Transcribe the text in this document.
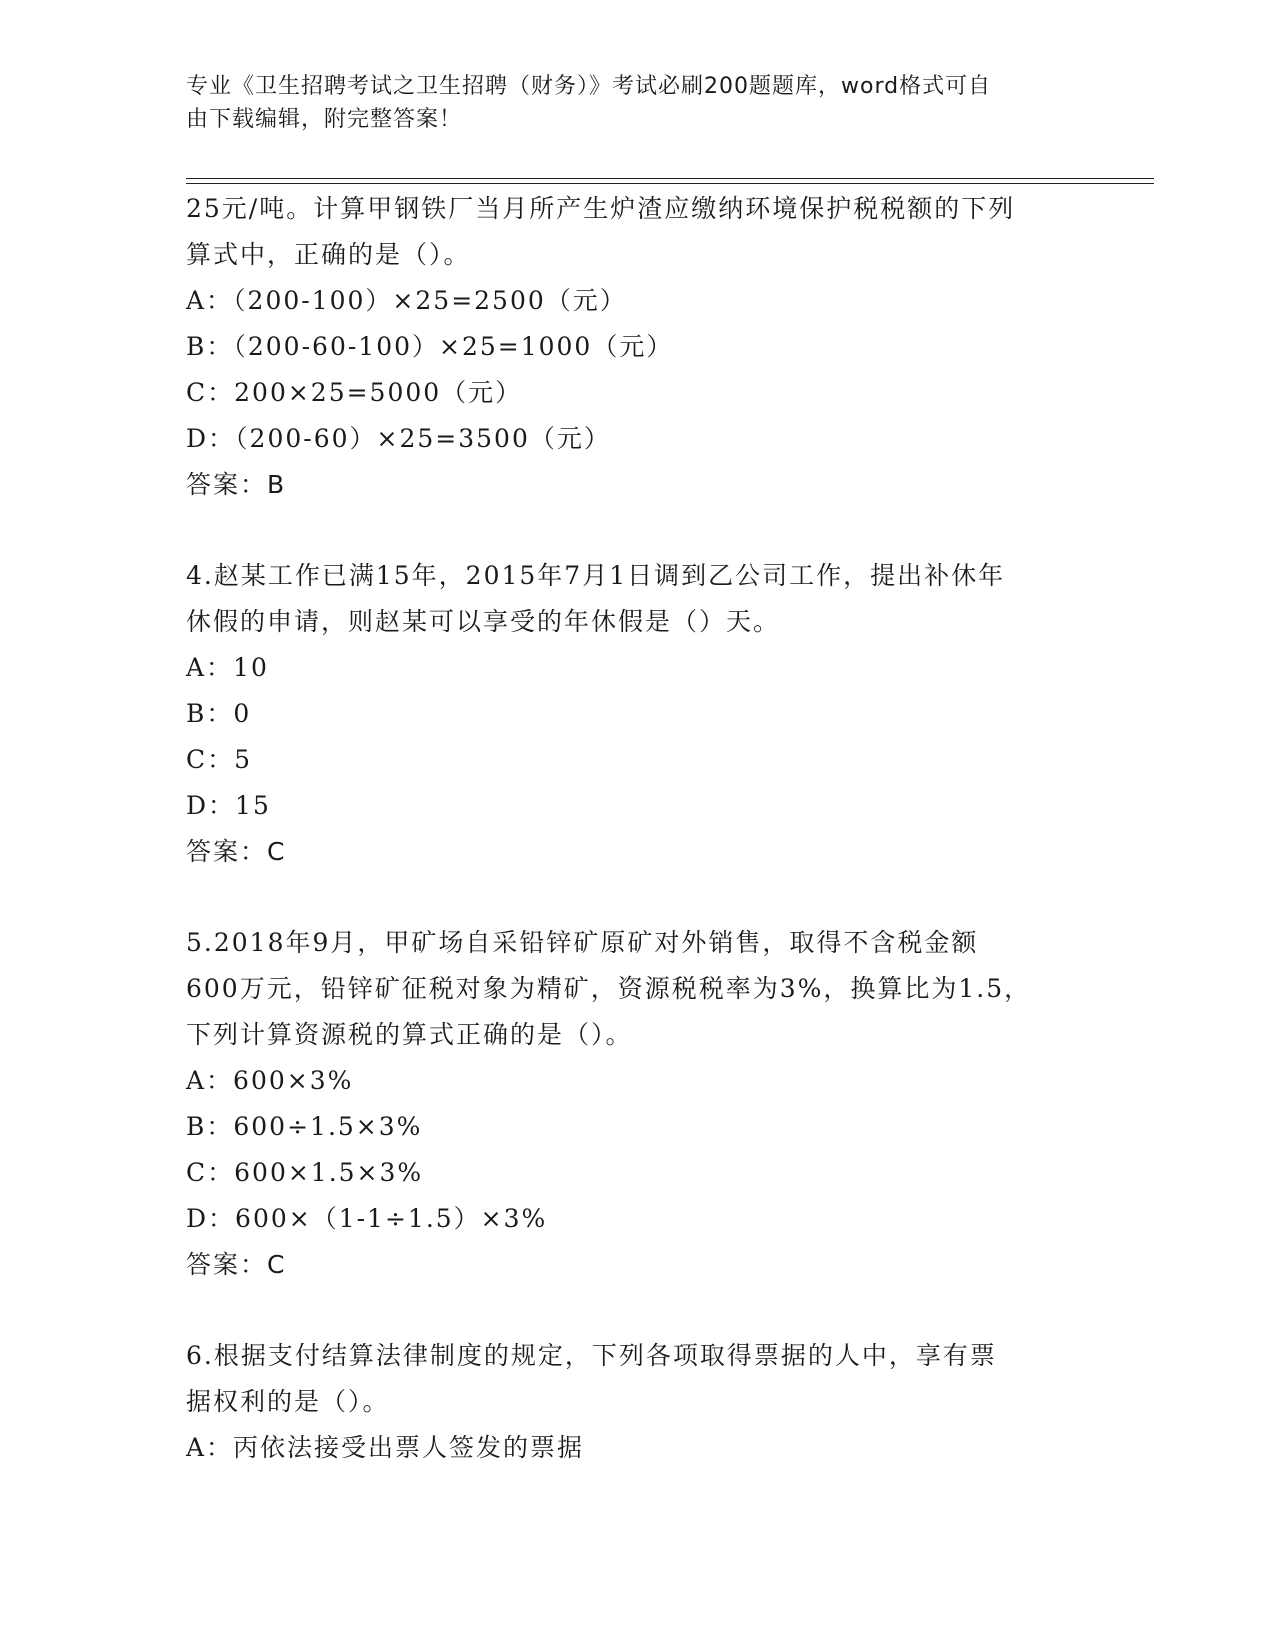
专业《卫生招聘考试之卫生招聘（财务）》考试必刷200题题库，word格式可自
由下载编辑，附完整答案！
25元/吨。计算甲钢铁厂当月所产生炉渣应缴纳环境保护税税额的下列
算式中，正确的是（）。
A：（200-100）×25=2500（元）
B：（200-60-100）×25=1000（元）
C：200×25=5000（元）
D：（200-60）×25=3500（元）
答案：B
4.赵某工作已满15年，2015年7月1日调到乙公司工作，提出补休年
休假的申请，则赵某可以享受的年休假是（）天。
A：10
B：0
C：5
D：15
答案：C
5.2018年9月，甲矿场自采铅锌矿原矿对外销售，取得不含税金额
600万元，铅锌矿征税对象为精矿，资源税税率为3%，换算比为1.5，
下列计算资源税的算式正确的是（）。
A：600×3%
B：600÷1.5×3%
C：600×1.5×3%
D：600×（1-1÷1.5）×3%
答案：C
6.根据支付结算法律制度的规定，下列各项取得票据的人中，享有票
据权利的是（）。
A：丙依法接受出票人签发的票据
